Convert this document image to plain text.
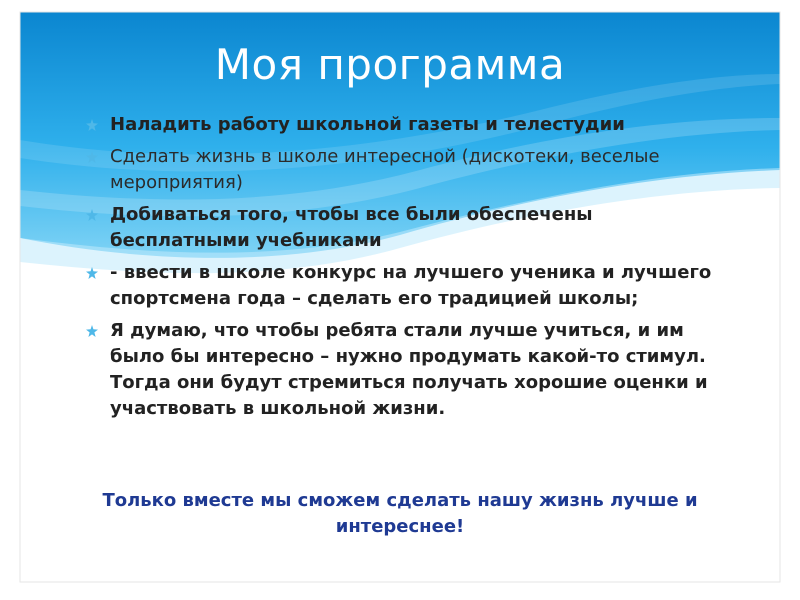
Моя программа
Наладить работу школьной газеты и телестудии
Сделать жизнь в школе интересной (дискотеки, веселые мероприятия)
Добиваться того, чтобы все были обеспечены бесплатными учебниками
- ввести в школе конкурс на лучшего ученика и лучшего спортсмена года – сделать его традицией школы;
Я думаю, что чтобы ребята стали лучше учиться, и им было бы интересно – нужно продумать какой-то стимул. Тогда они будут стремиться получать хорошие оценки и участвовать в школьной жизни.
Только вместе мы сможем сделать нашу жизнь лучше и интереснее!
